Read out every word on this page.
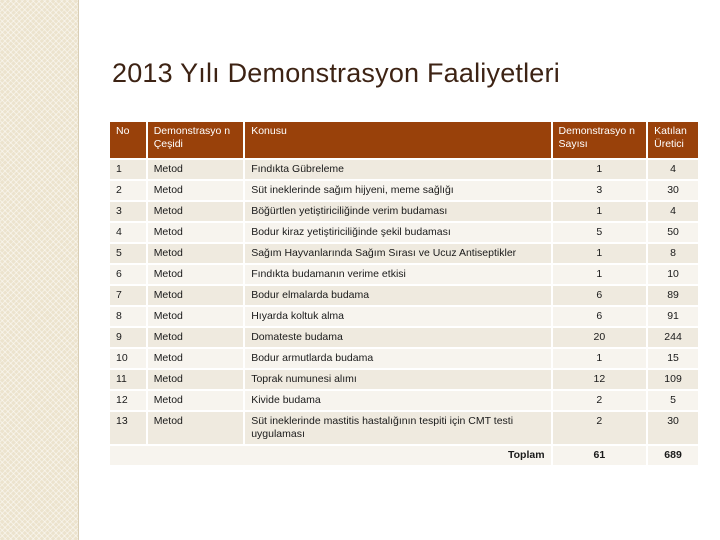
2013 Yılı Demonstrasyon Faaliyetleri
No	Demonstrasyo n Çeşidi	Konusu	Demonstrasyo n Sayısı	Katılan Üretici
1	Metod	Fındıkta Gübreleme	1	4
2	Metod	Süt ineklerinde sağım hijyeni, meme sağlığı	3	30
3	Metod	Böğürtlen yetiştiriciliğinde verim budaması	1	4
4	Metod	Bodur kiraz yetiştiriciliğinde şekil budaması	5	50
5	Metod	Sağım Hayvanlarında Sağım Sırası ve Ucuz Antiseptikler	1	8
6	Metod	Fındıkta budamanın verime etkisi	1	10
7	Metod	Bodur elmalarda budama	6	89
8	Metod	Hıyarda koltuk alma	6	91
9	Metod	Domateste budama	20	244
10	Metod	Bodur armutlarda budama	1	15
11	Metod	Toprak numunesi alımı	12	109
12	Metod	Kivide budama	2	5
13	Metod	Süt ineklerinde mastitis hastalığının tespiti için CMT testi uygulaması	2	30
Toplam			61	689
